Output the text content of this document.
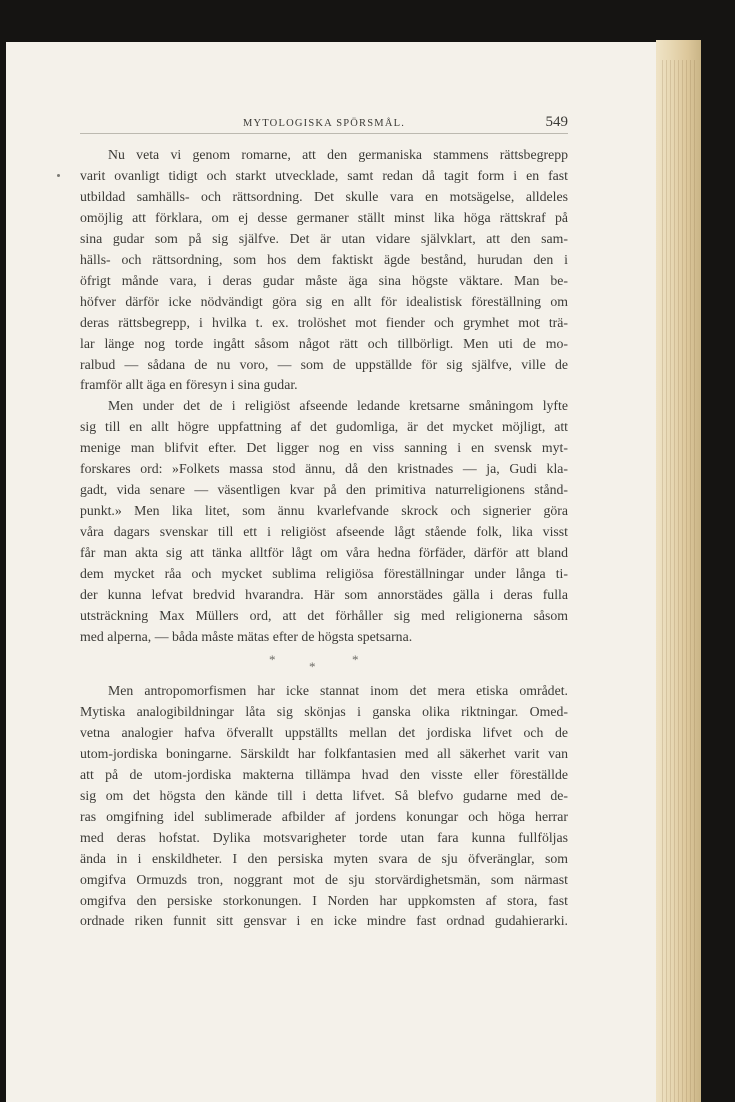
MYTOLOGISKA SPÖRSMÅL.	549
Nu veta vi genom romarne, att den germaniska stammens rättsbegrepp
varit ovanligt tidigt och starkt utvecklade, samt redan då tagit form i en fast
utbildad samhälls- och rättsordning. Det skulle vara en motsägelse, alldeles
omöjlig att förklara, om ej desse germaner ställt minst lika höga rättskraf på
sina gudar som på sig själfve. Det är utan vidare självklart, att den sam-
hälls- och rättsordning, som hos dem faktiskt ägde bestånd, hurudan den i
öfrigt månde vara, i deras gudar måste äga sina högste väktare. Man be-
höfver därför icke nödvändigt göra sig en allt för idealistisk föreställning om
deras rättsbegrepp, i hvilka t. ex. trolöshet mot fiender och grymhet mot trä-
lar länge nog torde ingått såsom något rätt och tillbörligt. Men uti de mo-
ralbud — sådana de nu voro, — som de uppställde för sig själfve, ville de
framför allt äga en föresyn i sina gudar.
Men under det de i religiöst afseende ledande kretsarne småningom lyfte
sig till en allt högre uppfattning af det gudomliga, är det mycket möjligt, att
menige man blifvit efter. Det ligger nog en viss sanning i en svensk myt-
forskares ord: »Folkets massa stod ännu, då den kristnades — ja, Gudi kla-
gadt, vida senare — väsentligen kvar på den primitiva naturreligionens stånd-
punkt.» Men lika litet, som ännu kvarlefvande skrock och signerier göra
våra dagars svenskar till ett i religiöst afseende lågt stående folk, lika visst
får man akta sig att tänka alltför lågt om våra hedna förfäder, därför att bland
dem mycket råa och mycket sublima religiösa föreställningar under långa ti-
der kunna lefvat bredvid hvarandra. Här som annorstädes gälla i deras fulla
utsträckning Max Müllers ord, att det förhåller sig med religionerna såsom
med alperna, — båda måste mätas efter de högsta spetsarna.
*	*	*
Men antropomorfismen har icke stannat inom det mera etiska området.
Mytiska analogibildningar låta sig skönjas i ganska olika riktningar. Omed-
vetna analogier hafva öfverallt uppställts mellan det jordiska lifvet och de
utom-jordiska boningarne. Särskildt har folkfantasien med all säkerhet varit van
att på de utom-jordiska makterna tillämpa hvad den visste eller föreställde
sig om det högsta den kände till i detta lifvet. Så blefvo gudarne med de-
ras omgifning idel sublimerade afbilder af jordens konungar och höga herrar
med deras hofstat. Dylika motsvarigheter torde utan fara kunna fullföljas
ända in i enskildheter. I den persiska myten svara de sju öfveränglar, som
omgifva Ormuzds tron, noggrant mot de sju storvärdighetsmän, som närmast
omgifva den persiske storkonungen. I Norden har uppkomsten af stora, fast
ordnade riken funnit sitt gensvar i en icke mindre fast ordnad gudahierarki.
